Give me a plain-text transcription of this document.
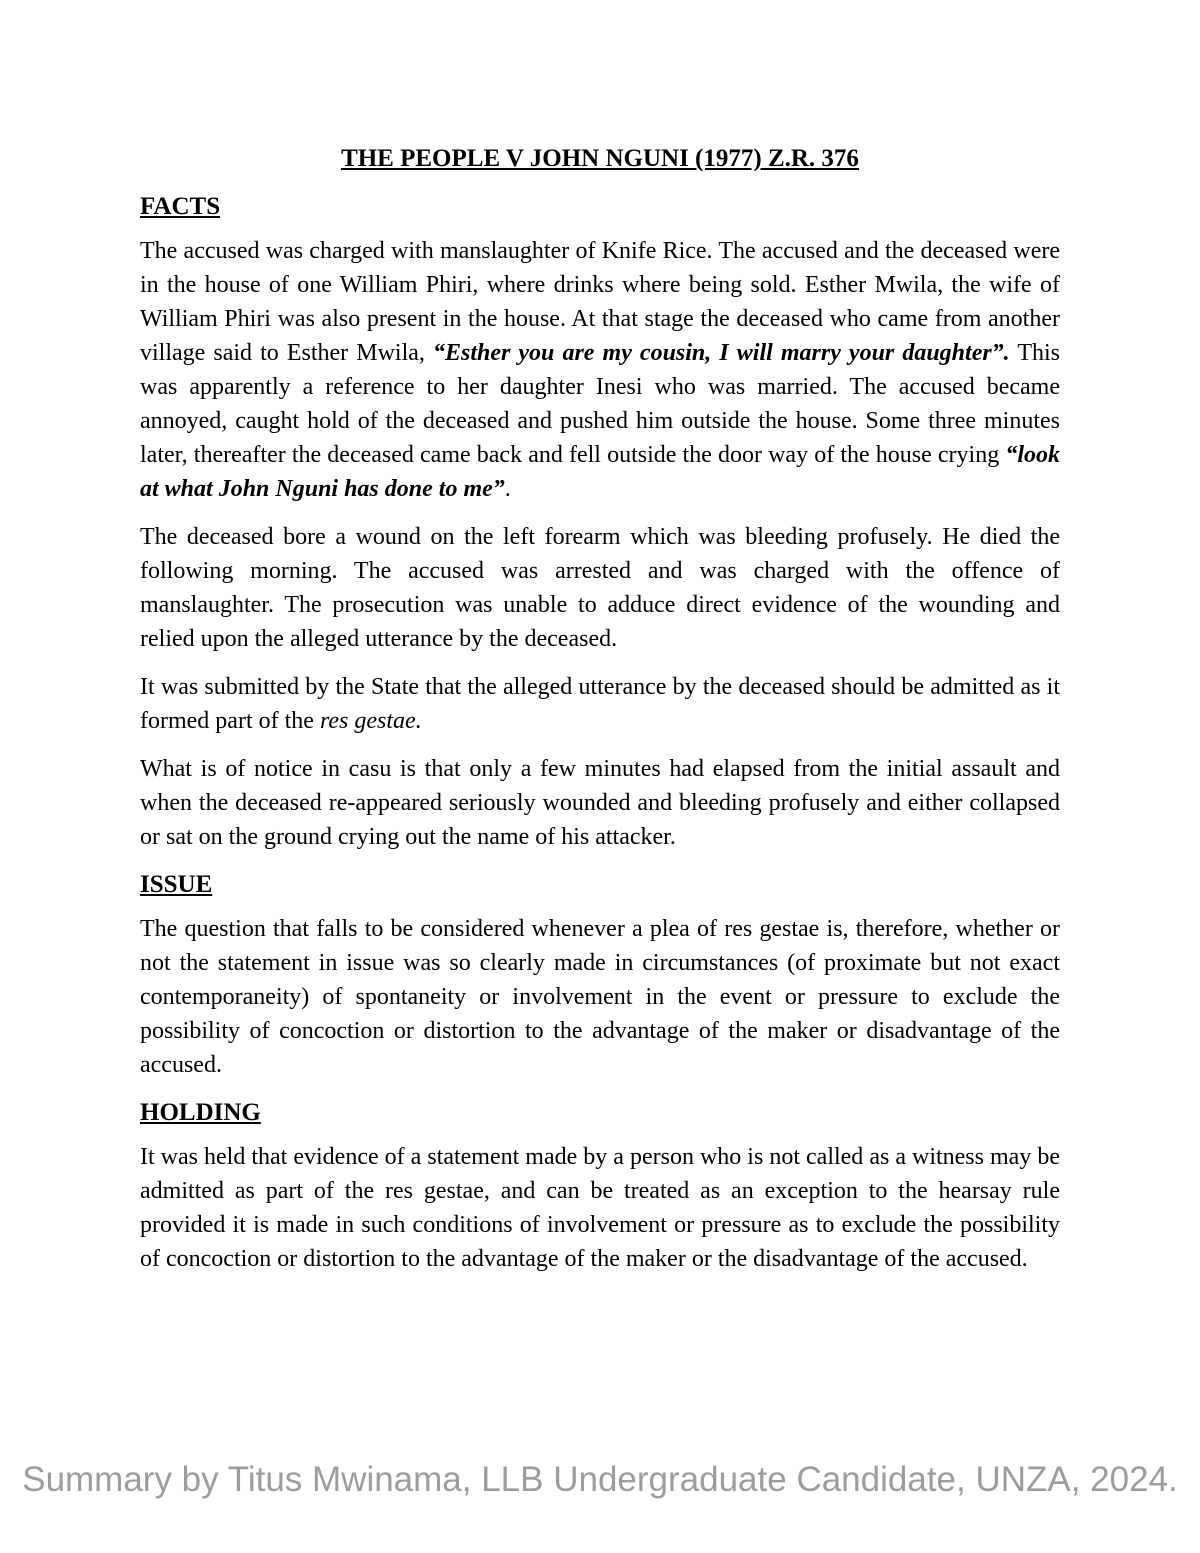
THE PEOPLE V JOHN NGUNI (1977) Z.R. 376
FACTS

The accused was charged with manslaughter of Knife Rice. The accused and the deceased were in the house of one William Phiri, where drinks where being sold. Esther Mwila, the wife of William Phiri was also present in the house. At that stage the deceased who came from another village said to Esther Mwila, “Esther you are my cousin, I will marry your daughter”. This was apparently a reference to her daughter Inesi who was married. The accused became annoyed, caught hold of the deceased and pushed him outside the house. Some three minutes later, thereafter the deceased came back and fell outside the door way of the house crying “look at what John Nguni has done to me”.

The deceased bore a wound on the left forearm which was bleeding profusely. He died the following morning. The accused was arrested and was charged with the offence of manslaughter. The prosecution was unable to adduce direct evidence of the wounding and relied upon the alleged utterance by the deceased.

It was submitted by the State that the alleged utterance by the deceased should be admitted as it formed part of the res gestae.

What is of notice in casu is that only a few minutes had elapsed from the initial assault and when the deceased re-appeared seriously wounded and bleeding profusely and either collapsed or sat on the ground crying out the name of his attacker.

ISSUE

The question that falls to be considered whenever a plea of res gestae is, therefore, whether or not the statement in issue was so clearly made in circumstances (of proximate but not exact contemporaneity) of spontaneity or involvement in the event or pressure to exclude the possibility of concoction or distortion to the advantage of the maker or disadvantage of the accused.

HOLDING

It was held that evidence of a statement made by a person who is not called as a witness may be admitted as part of the res gestae, and can be treated as an exception to the hearsay rule provided it is made in such conditions of involvement or pressure as to exclude the possibility of concoction or distortion to the advantage of the maker or the disadvantage of the accused.

Summary by Titus Mwinama, LLB Undergraduate Candidate, UNZA, 2024.
